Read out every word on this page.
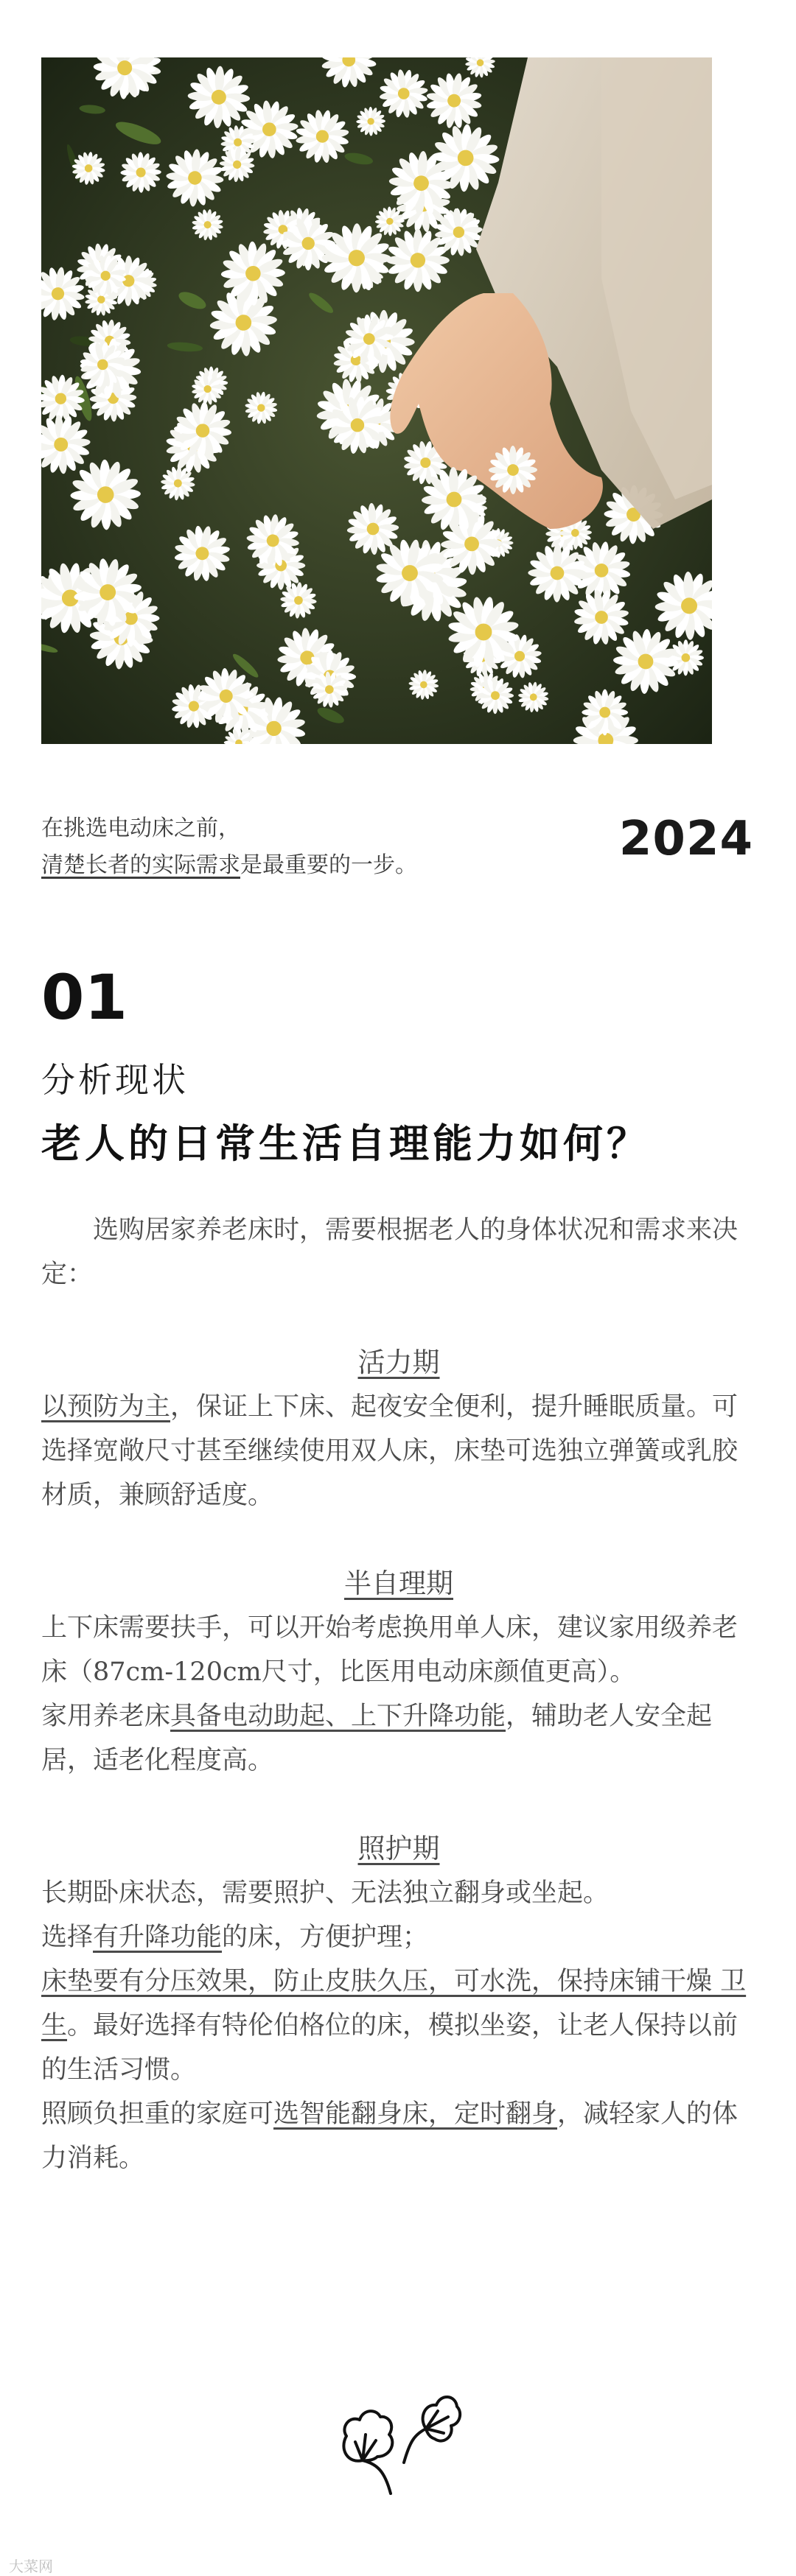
在挑选电动床之前，
清楚长者的实际需求是最重要的一步。	2024
01
分析现状
老人的日常生活自理能力如何？

选购居家养老床时，需要根据老人的身体状况和需求来决定：

活力期

以预防为主，保证上下床、起夜安全便利，提升睡眠质量。可选择宽敞尺寸甚至继续使用双人床，床垫可选独立弹簧或乳胶材质，兼顾舒适度。

半自理期

上下床需要扶手，可以开始考虑换用单人床，建议家用级养老床（87cm-120cm尺寸，比医用电动床颜值更高）。

家用养老床具备电动助起、上下升降功能，辅助老人安全起居，适老化程度高。

照护期

长期卧床状态，需要照护、无法独立翻身或坐起。

选择有升降功能的床，方便护理；

床垫要有分压效果，防止皮肤久压，可水洗，保持床铺干燥 卫生。最好选择有特伦伯格位的床，模拟坐姿，让老人保持以前的生活习惯。

照顾负担重的家庭可选智能翻身床，定时翻身，减轻家人的体力消耗。

大菜网
